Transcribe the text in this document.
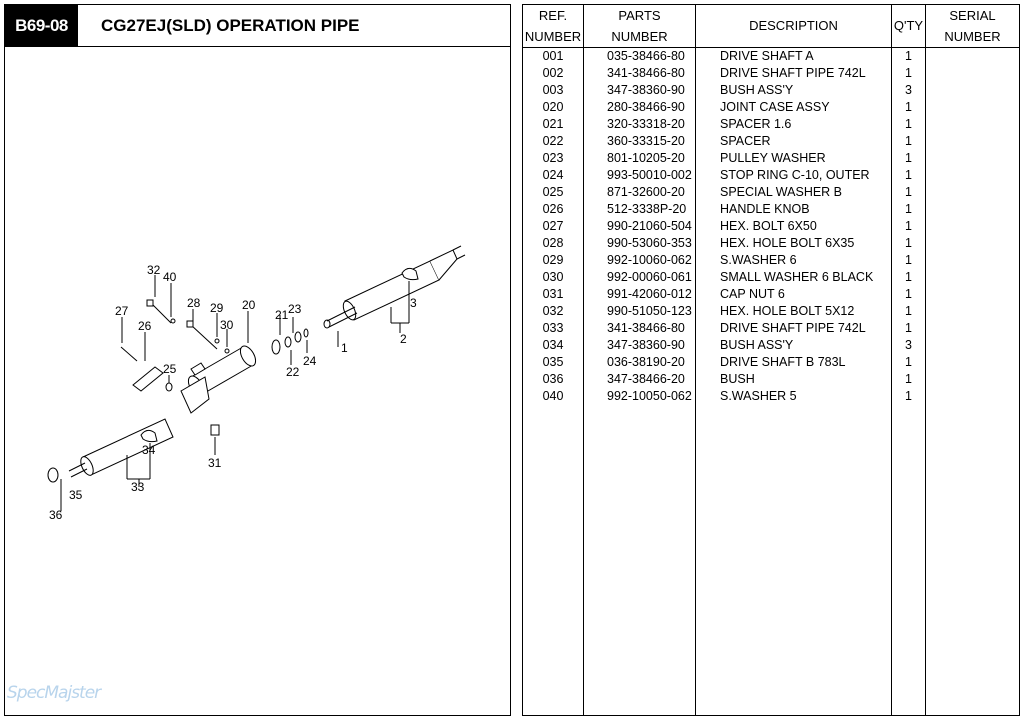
B69-08	CG27EJ(SLD) OPERATION PIPE
1
2
3
20
21
22
23
24
25
26
27
28 29
30
31
32
33
34
35
36
40
SpecMajster
REF.
NUMBER
PARTS
NUMBER
DESCRIPTION	Q'TY
SERIAL
NUMBER
001	035-38466-80	DRIVE SHAFT A	1
002	341-38466-80	DRIVE SHAFT PIPE 742L	1
003	347-38360-90	BUSH ASS'Y	3
020	280-38466-90	JOINT CASE ASSY	1
021	320-33318-20	SPACER 1.6	1
022	360-33315-20	SPACER	1
023	801-10205-20	PULLEY WASHER	1
024	993-50010-002	STOP RING C-10, OUTER	1
025	871-32600-20	SPECIAL WASHER B	1
026	512-3338P-20	HANDLE KNOB	1
027	990-21060-504	HEX. BOLT 6X50	1
028	990-53060-353	HEX. HOLE BOLT 6X35	1
029	992-10060-062	S.WASHER 6	1
030	992-00060-061	SMALL WASHER 6 BLACK	1
031	991-42060-012	CAP NUT 6	1
032	990-51050-123	HEX. HOLE BOLT 5X12	1
033	341-38466-80	DRIVE SHAFT PIPE 742L	1
034	347-38360-90	BUSH ASS'Y	3
035	036-38190-20	DRIVE SHAFT B 783L	1
036	347-38466-20	BUSH	1
040	992-10050-062	S.WASHER 5	1
